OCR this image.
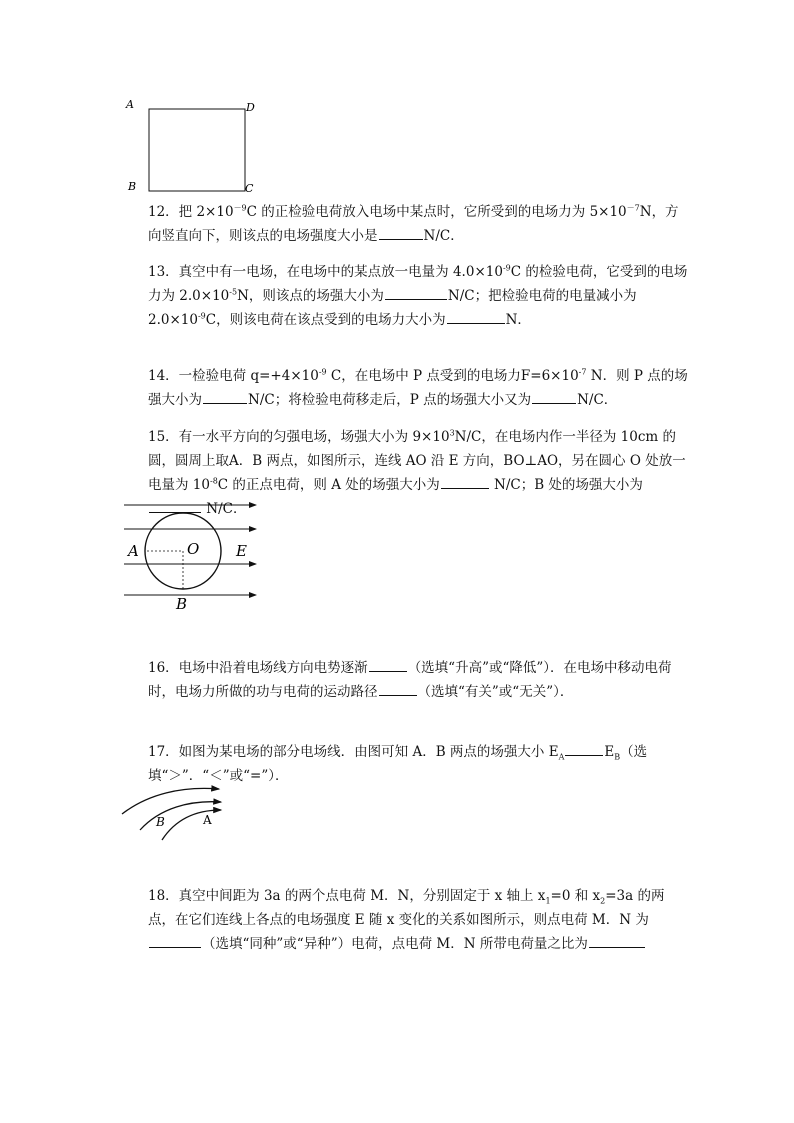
A	D
B	C

12．把 $2\times 10^{-9}C$ 的正检验电荷放入电场中某点时，它所受到的电场力为 $5\times 10^{-7}N$，方向竖直向下，则该点的电场强度大小是	N/C．

13．真空中有一电场，在电场中的某点放一电量为 $4.0\times 10^{-9}C$ 的检验电荷，它受到的电场力为 $2.0\times 10^{-5}N$，则该点的场强大小为	N/C；把检验电荷的电量减小为 $2.0\times 10^{-9}C$，则该电荷在该点受到的电场力大小为	N．

14．一检验电荷 $q=+4\times 10^{-9}$ C，在电场中 P 点受到的电场力$F=6\times 10^{-7}$ N．则 P 点的场强大小为	N/C；将检验电荷移走后，P 点的场强大小又为	N/C．

15．有一水平方向的匀强电场，场强大小为 $9\times 10^3N/C$，在电场内作一半径为 10cm 的圆，圆周上取A．B 两点，如图所示，连线 AO 沿 E 方向，BO⊥AO，另在圆心 O 处放一电量为 $10^{-8}C$ 的正点电荷，则 A 处的场强大小为	N/C；B 处的场强大小为 N/C．

A	O E
B

16．电场中沿着电场线方向电势逐渐	（选填“升高”或“降低”）．在电场中移动电荷时，电场力所做的功与电荷的运动路径	（选填“有关”或“无关”）．

17．如图为某电场的部分电场线．由图可知 A．B 两点的场强大小 $E_A$	$E_B$（选填“＞”．“＜”或“=”）．

B	A

18．真空中间距为 3a 的两个点电荷 M．N，分别固定于 x 轴上 $x_1=0$ 和 $x_2=3a$ 的两点，在它们连线上各点的电场强度 E 随 x 变化的关系如图所示，则点电荷 M．N 为（选填“同种”或“异种”）电荷，点电荷 M．N 所带电荷量之比为
